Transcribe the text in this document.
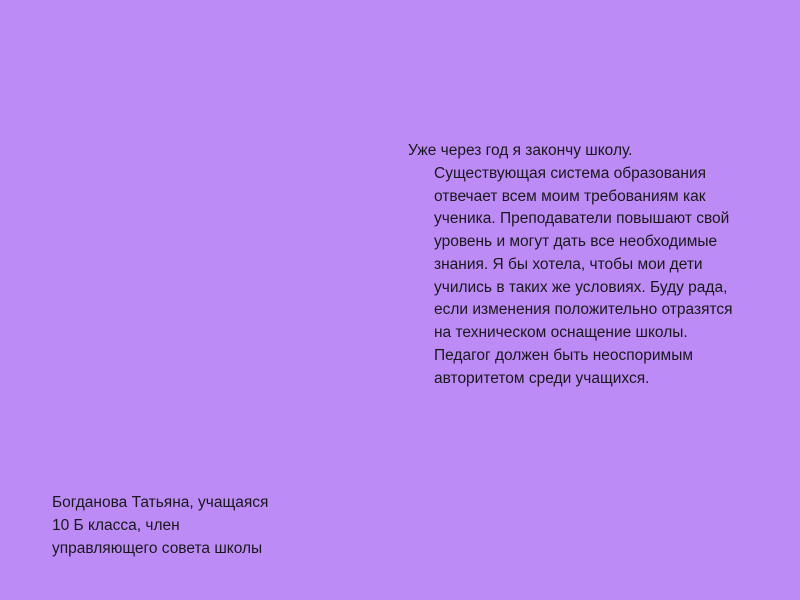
Уже через год я закончу школу.

Существующая система образования отвечает всем моим требованиям как ученика. Преподаватели повышают свой уровень и могут дать все необходимые знания. Я бы хотела, чтобы мои дети учились в таких же условиях. Буду рада, если изменения положительно отразятся на техническом оснащение школы. Педагог должен быть неоспоримым авторитетом среди учащихся.

Богданова Татьяна, учащаяся
10 Б класса, член
управляющего совета школы
